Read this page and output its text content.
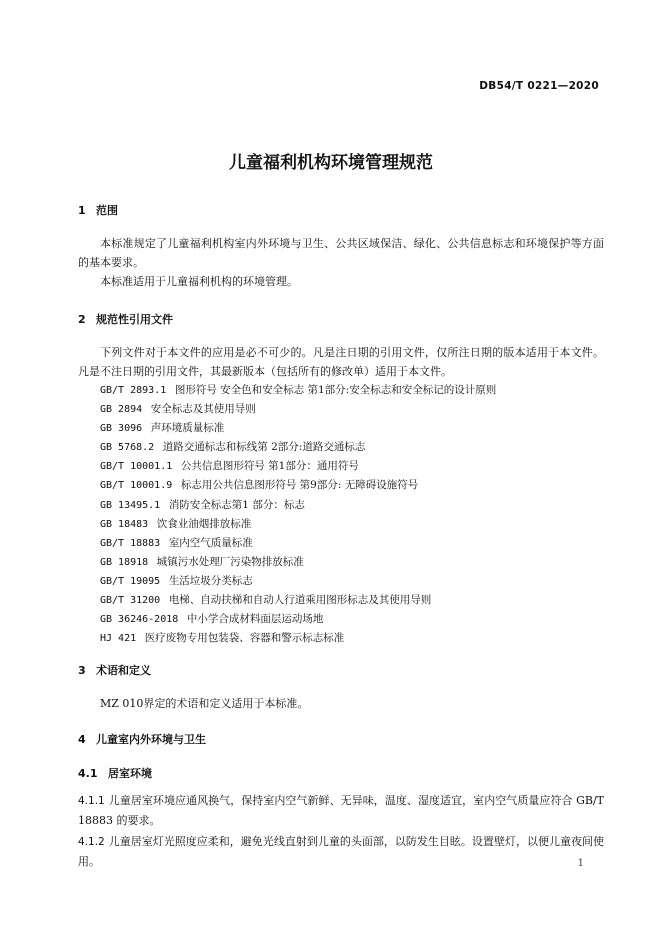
DB54/T 0221—2020
儿童福利机构环境管理规范
1 范围

本标准规定了儿童福利机构室内外环境与卫生、公共区域保洁、绿化、公共信息标志和环境保护等方面的基本要求。

本标准适用于儿童福利机构的环境管理。

2 规范性引用文件

下列文件对于本文件的应用是必不可少的。凡是注日期的引用文件，仅所注日期的版本适用于本文件。凡是不注日期的引用文件，其最新版本（包括所有的修改单）适用于本文件。

GB/T 2893.1  图形符号 安全色和安全标志 第1部分:安全标志和安全标记的设计原则
GB 2894  安全标志及其使用导则
GB 3096  声环境质量标准
GB 5768.2  道路交通标志和标线第 2部分:道路交通标志
GB/T 10001.1  公共信息图形符号 第1部分：通用符号
GB/T 10001.9  标志用公共信息图形符号 第9部分: 无障碍设施符号
GB 13495.1  消防安全标志第1 部分：标志
GB 18483  饮食业油烟排放标准
GB/T 18883  室内空气质量标准
GB 18918  城镇污水处理厂污染物排放标准
GB/T 19095  生活垃圾分类标志
GB/T 31200  电梯、自动扶梯和自动人行道乘用图形标志及其使用导则
GB 36246-2018  中小学合成材料面层运动场地
HJ 421  医疗废物专用包装袋、容器和警示标志标准
3 术语和定义

MZ 010界定的术语和定义适用于本标准。

4 儿童室内外环境与卫生
4.1 居室环境

4.1.1 儿童居室环境应通风换气，保持室内空气新鲜、无异味，温度、湿度适宜，室内空气质量应符合 GB/T 18883 的要求。

4.1.2 儿童居室灯光照度应柔和，避免光线直射到儿童的头面部，以防发生目眩。设置壁灯，以便儿童夜间使用。	1
